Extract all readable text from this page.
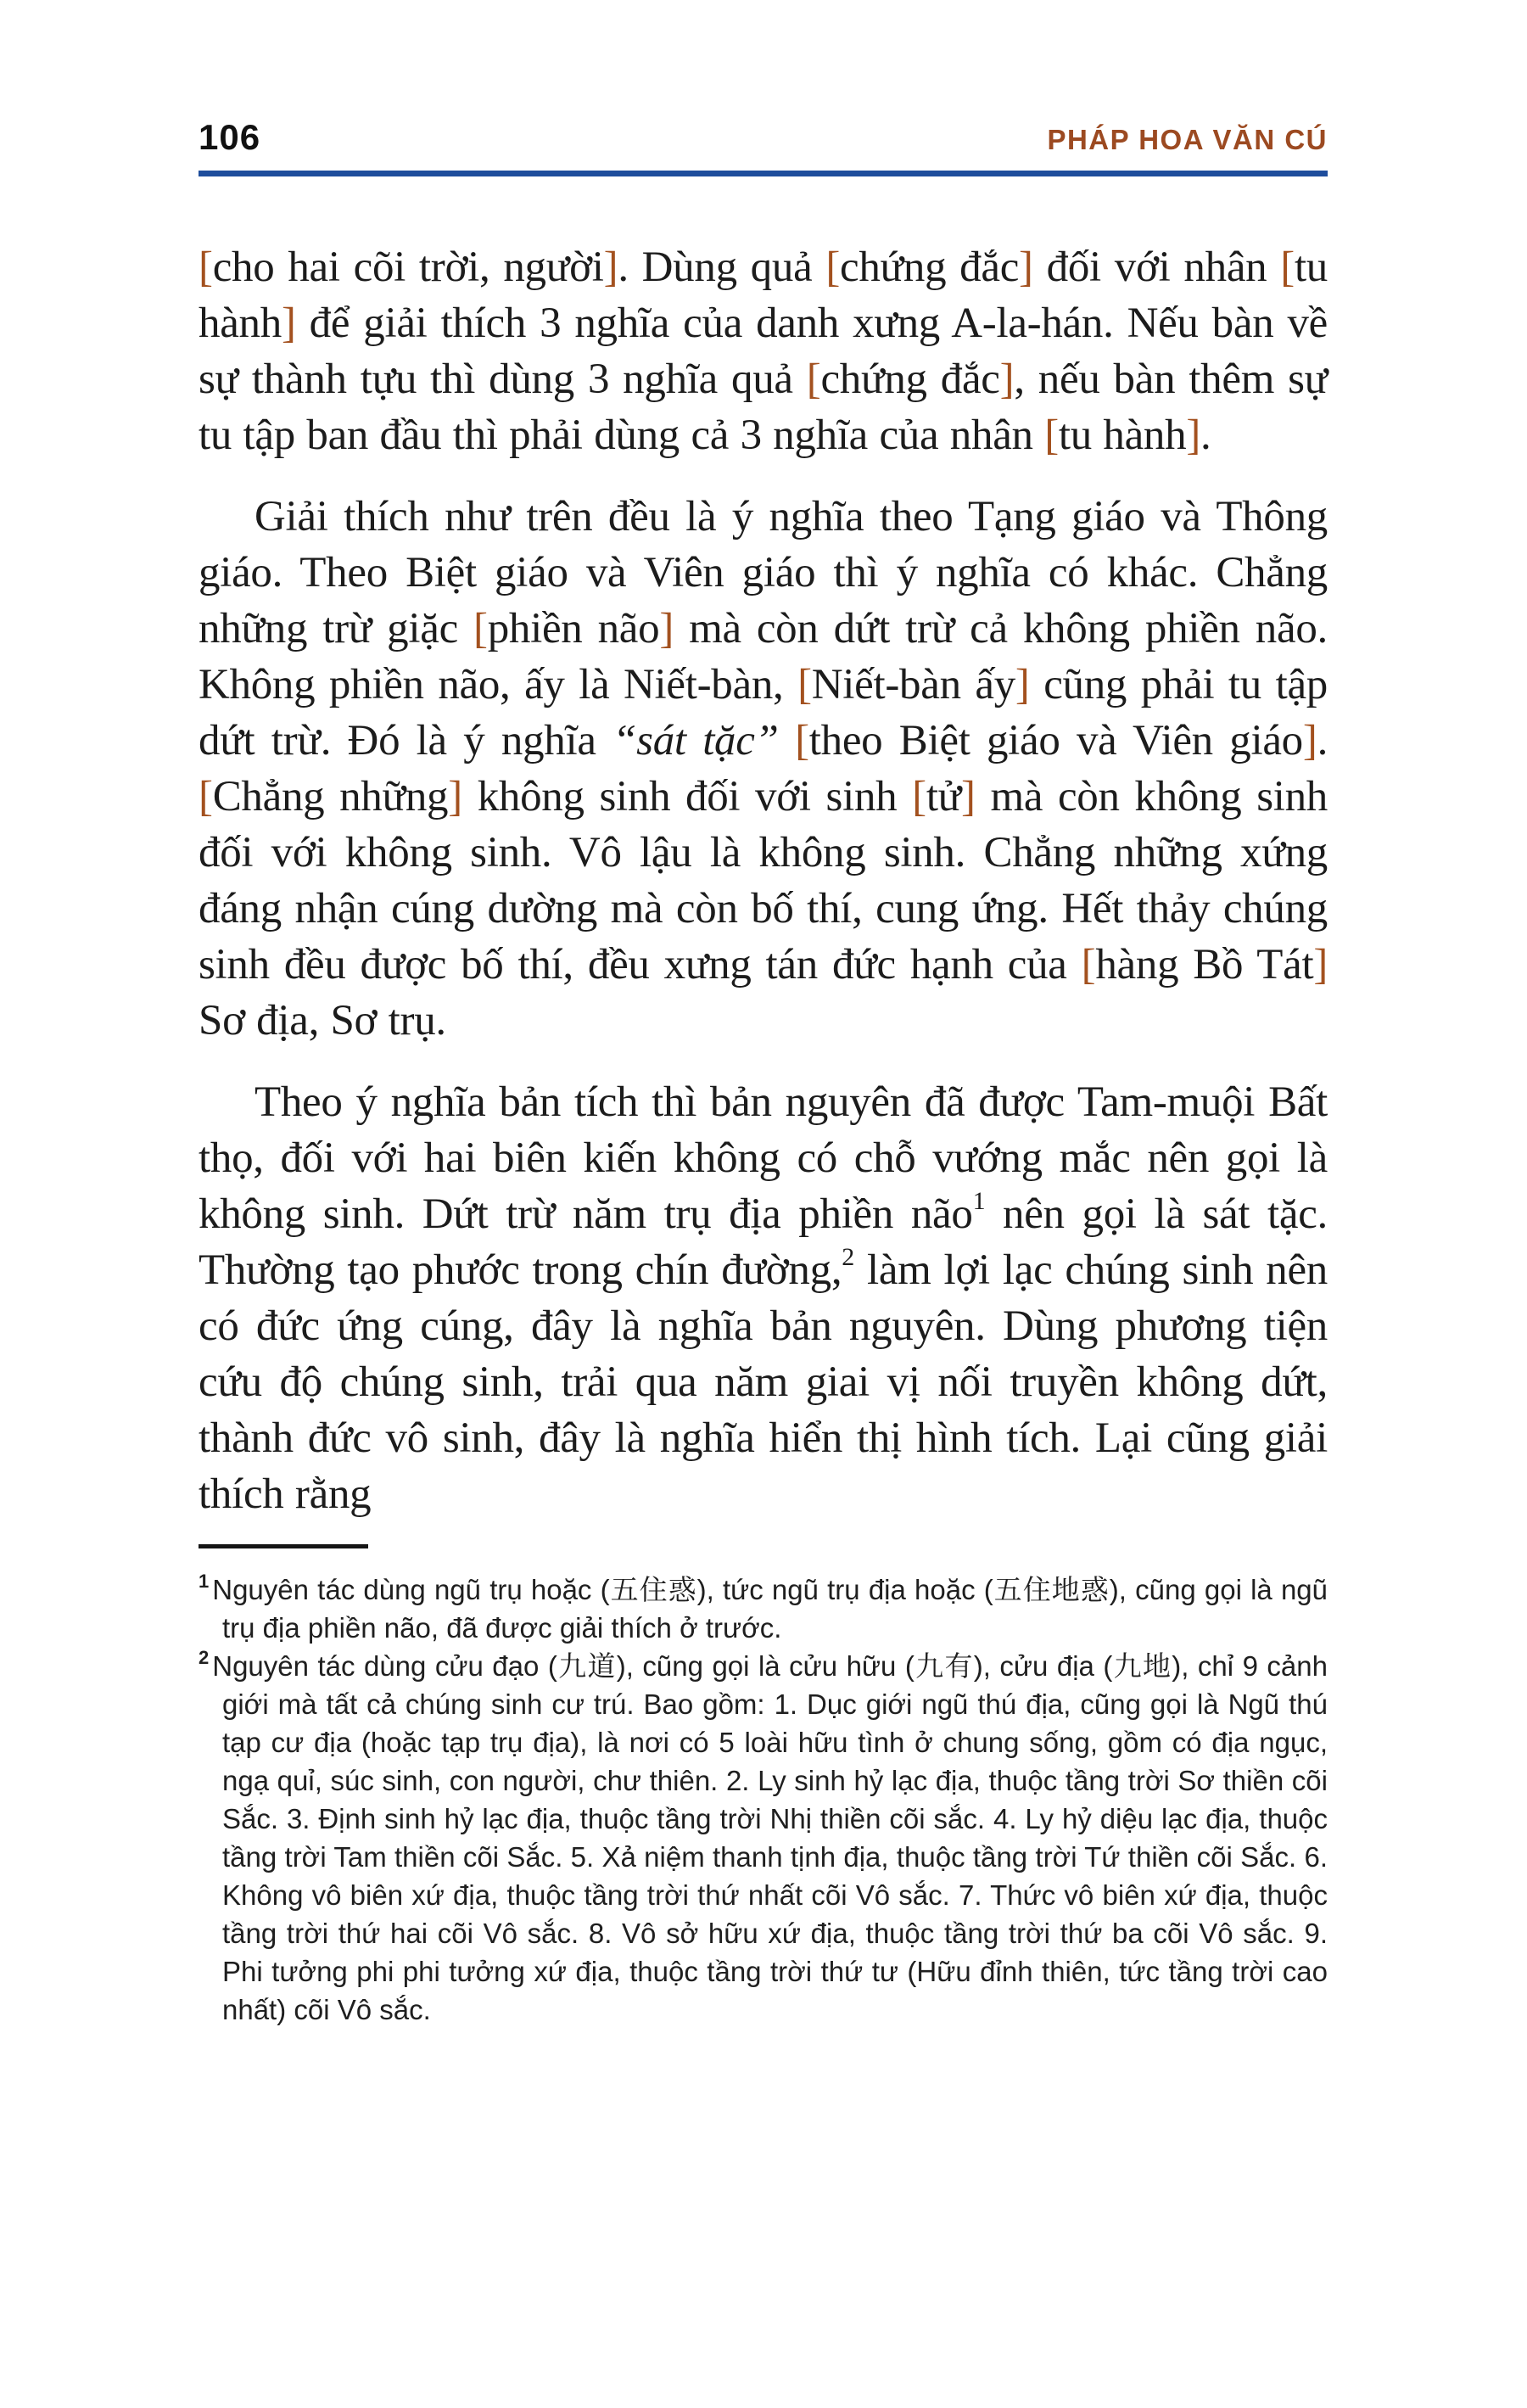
106	PHÁP HOA VĂN CÚ

[cho hai cõi trời, người]. Dùng quả [chứng đắc] đối với nhân [tu hành] để giải thích 3 nghĩa của danh xưng A-la-hán. Nếu bàn về sự thành tựu thì dùng 3 nghĩa quả [chứng đắc], nếu bàn thêm sự tu tập ban đầu thì phải dùng cả 3 nghĩa của nhân [tu hành].

Giải thích như trên đều là ý nghĩa theo Tạng giáo và Thông giáo. Theo Biệt giáo và Viên giáo thì ý nghĩa có khác. Chẳng những trừ giặc [phiền não] mà còn dứt trừ cả không phiền não. Không phiền não, ấy là Niết-bàn, [Niết-bàn ấy] cũng phải tu tập dứt trừ. Đó là ý nghĩa “sát tặc” [theo Biệt giáo và Viên giáo]. [Chẳng những] không sinh đối với sinh [tử] mà còn không sinh đối với không sinh. Vô lậu là không sinh. Chẳng những xứng đáng nhận cúng dường mà còn bố thí, cung ứng. Hết thảy chúng sinh đều được bố thí, đều xưng tán đức hạnh của [hàng Bồ Tát] Sơ địa, Sơ trụ.

Theo ý nghĩa bản tích thì bản nguyên đã được Tam-muội Bất thọ, đối với hai biên kiến không có chỗ vướng mắc nên gọi là không sinh. Dứt trừ năm trụ địa phiền não$^1$ nên gọi là sát tặc. Thường tạo phước trong chín đường,$^2$ làm lợi lạc chúng sinh nên có đức ứng cúng, đây là nghĩa bản nguyên. Dùng phương tiện cứu độ chúng sinh, trải qua năm giai vị nối truyền không dứt, thành đức vô sinh, đây là nghĩa hiển thị hình tích. Lại cũng giải thích rằng

$^1$ Nguyên tác dùng ngũ trụ hoặc (五住惑), tức ngũ trụ địa hoặc (五住地惑), cũng gọi là ngũ trụ địa phiền não, đã được giải thích ở trước.
$^2$ Nguyên tác dùng cửu đạo (九道), cũng gọi là cửu hữu (九有), cửu địa (九地), chỉ 9 cảnh giới mà tất cả chúng sinh cư trú. Bao gồm: 1. Dục giới ngũ thú địa, cũng gọi là Ngũ thú tạp cư địa (hoặc tạp trụ địa), là nơi có 5 loài hữu tình ở chung sống, gồm có địa ngục, ngạ quỉ, súc sinh, con người, chư thiên. 2. Ly sinh hỷ lạc địa, thuộc tầng trời Sơ thiền cõi Sắc. 3. Định sinh hỷ lạc địa, thuộc tầng trời Nhị thiền cõi sắc. 4. Ly hỷ diệu lạc địa, thuộc tầng trời Tam thiền cõi Sắc. 5. Xả niệm thanh tịnh địa, thuộc tầng trời Tứ thiền cõi Sắc. 6. Không vô biên xứ địa, thuộc tầng trời thứ nhất cõi Vô sắc. 7. Thức vô biên xứ địa, thuộc tầng trời thứ hai cõi Vô sắc. 8. Vô sở hữu xứ địa, thuộc tầng trời thứ ba cõi Vô sắc. 9. Phi tưởng phi phi tưởng xứ địa, thuộc tầng trời thứ tư (Hữu đỉnh thiên, tức tầng trời cao nhất) cõi Vô sắc.
